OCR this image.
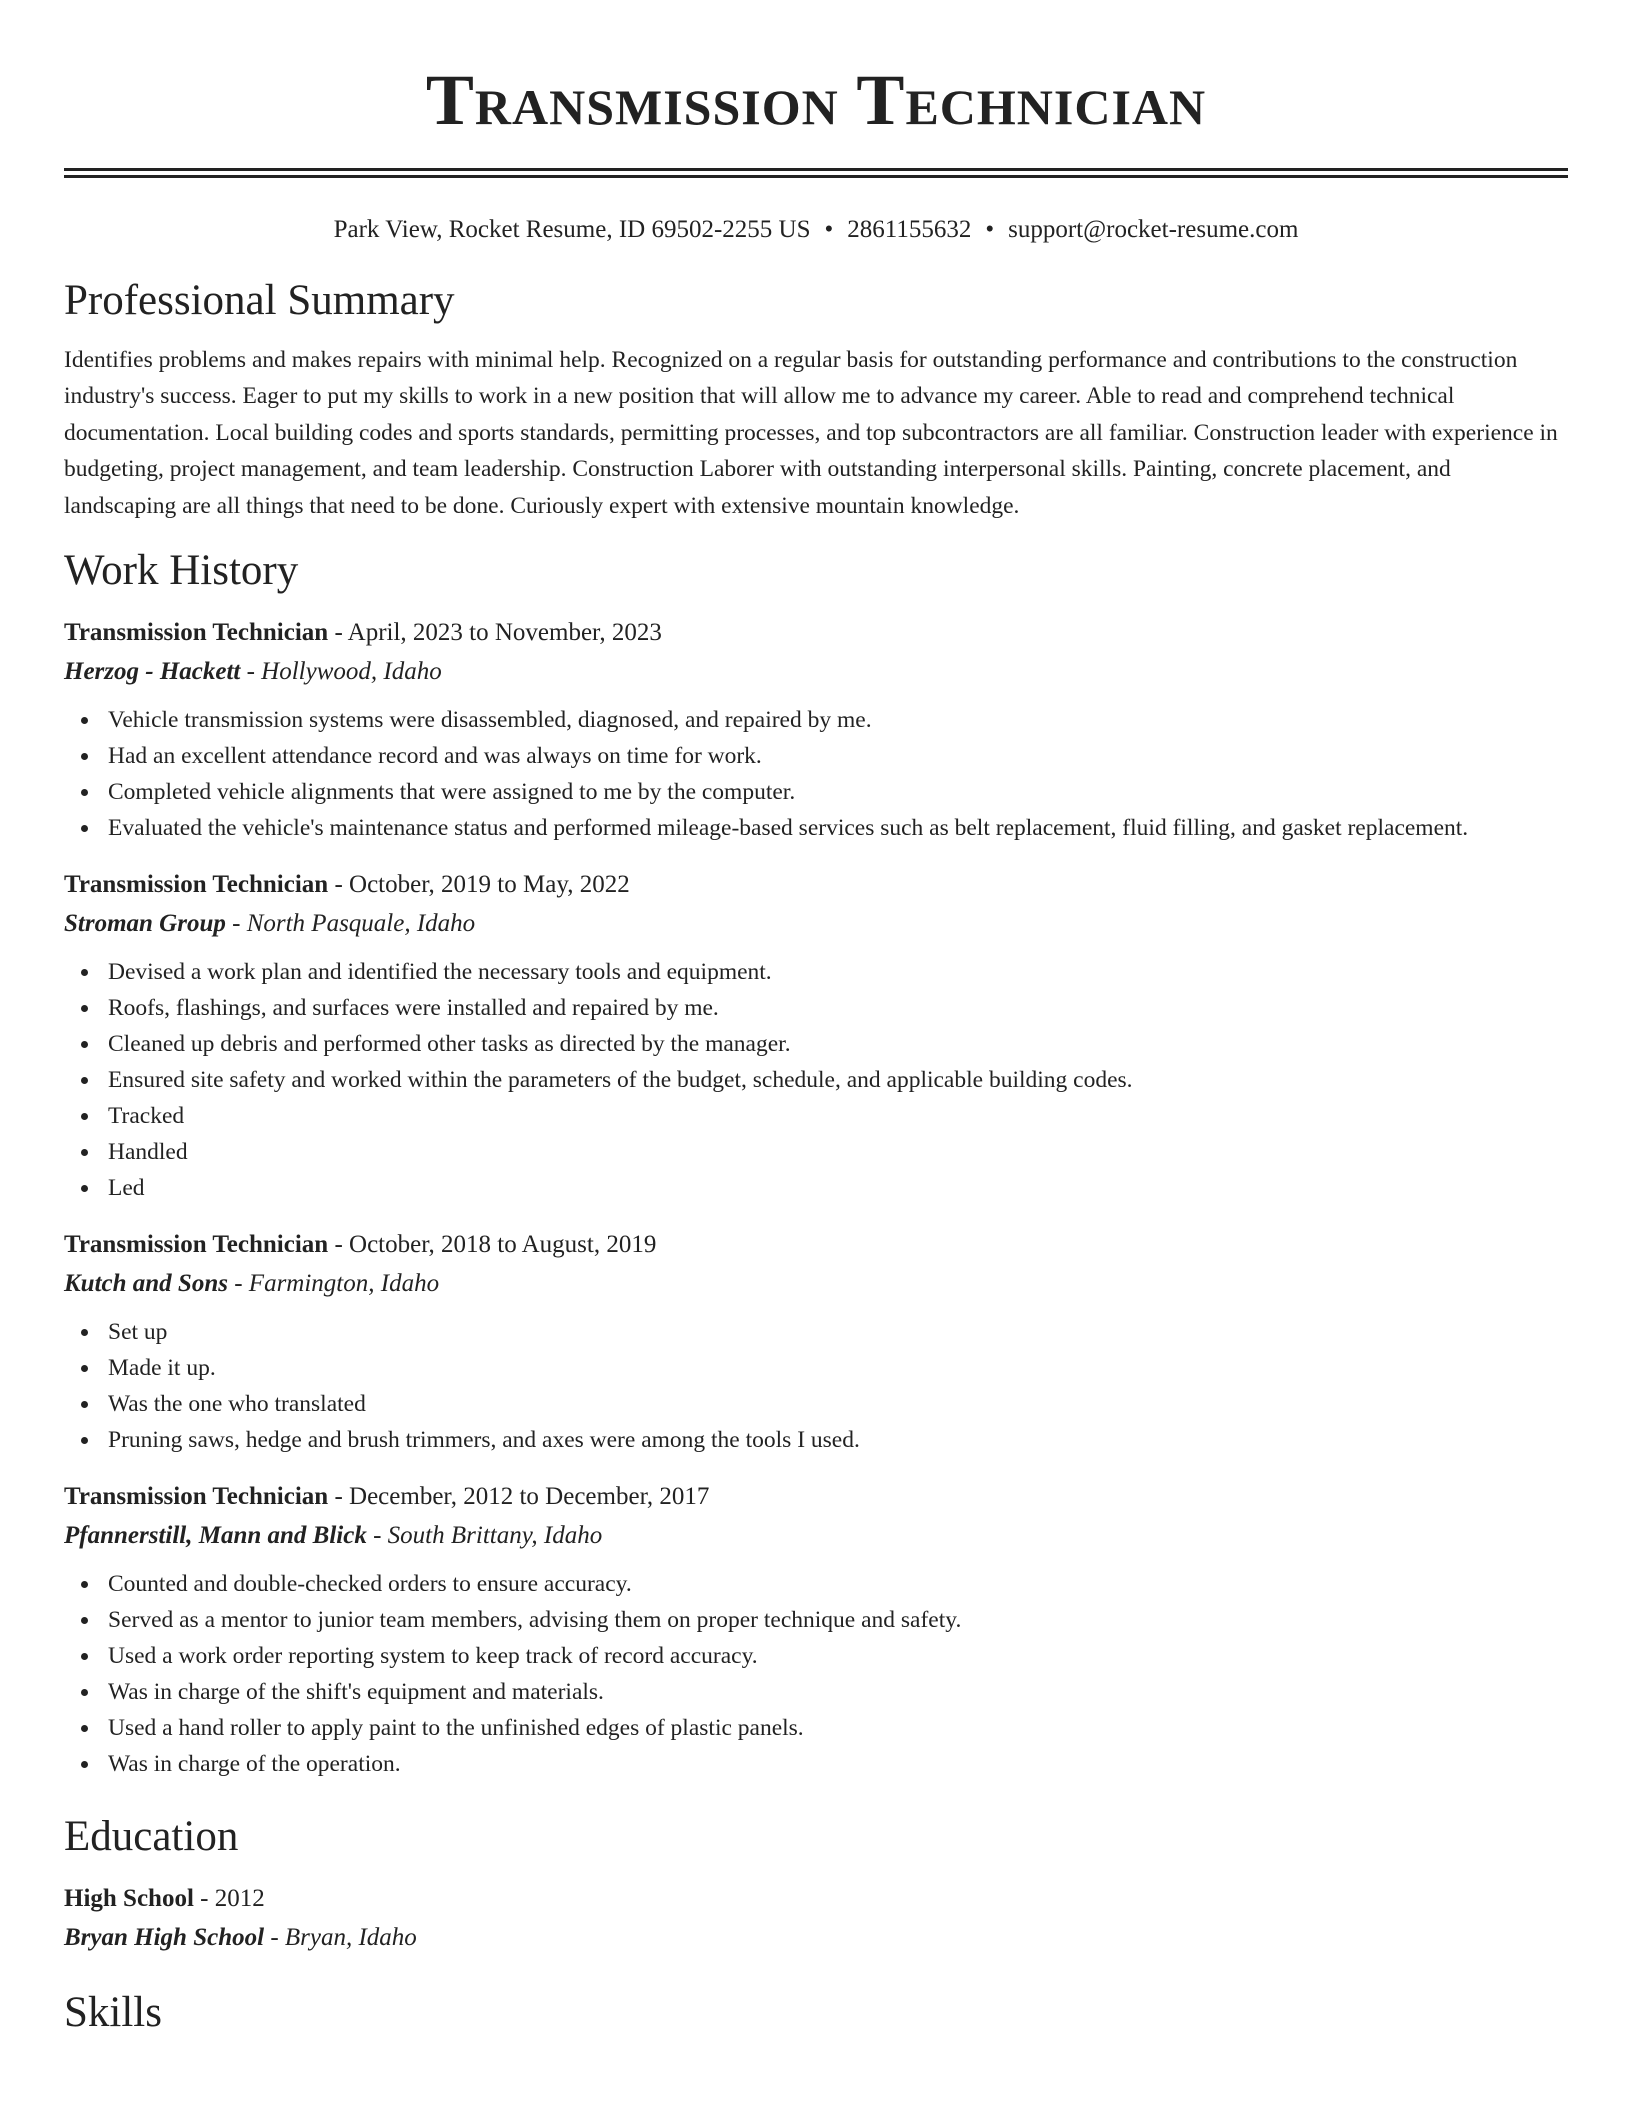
Transmission Technician
Park View, Rocket Resume, ID 69502-2255 US • 2861155632 • support@rocket-resume.com
Professional Summary

Identifies problems and makes repairs with minimal help. Recognized on a regular basis for outstanding performance and contributions to the construction industry's success. Eager to put my skills to work in a new position that will allow me to advance my career. Able to read and comprehend technical documentation. Local building codes and sports standards, permitting processes, and top subcontractors are all familiar. Construction leader with experience in budgeting, project management, and team leadership. Construction Laborer with outstanding interpersonal skills. Painting, concrete placement, and landscaping are all things that need to be done. Curiously expert with extensive mountain knowledge.

Work History
Transmission Technician - April, 2023 to November, 2023
Herzog - Hackett - Hollywood, Idaho
Vehicle transmission systems were disassembled, diagnosed, and repaired by me.
Had an excellent attendance record and was always on time for work.
Completed vehicle alignments that were assigned to me by the computer.
Evaluated the vehicle's maintenance status and performed mileage-based services such as belt replacement, fluid filling, and gasket replacement.
Transmission Technician - October, 2019 to May, 2022
Stroman Group - North Pasquale, Idaho
Devised a work plan and identified the necessary tools and equipment.
Roofs, flashings, and surfaces were installed and repaired by me.
Cleaned up debris and performed other tasks as directed by the manager.
Ensured site safety and worked within the parameters of the budget, schedule, and applicable building codes.
Tracked
Handled
Led
Transmission Technician - October, 2018 to August, 2019
Kutch and Sons - Farmington, Idaho
Set up
Made it up.
Was the one who translated
Pruning saws, hedge and brush trimmers, and axes were among the tools I used.
Transmission Technician - December, 2012 to December, 2017
Pfannerstill, Mann and Blick - South Brittany, Idaho
Counted and double-checked orders to ensure accuracy.
Served as a mentor to junior team members, advising them on proper technique and safety.
Used a work order reporting system to keep track of record accuracy.
Was in charge of the shift's equipment and materials.
Used a hand roller to apply paint to the unfinished edges of plastic panels.
Was in charge of the operation.
Education
High School - 2012
Bryan High School - Bryan, Idaho
Skills
